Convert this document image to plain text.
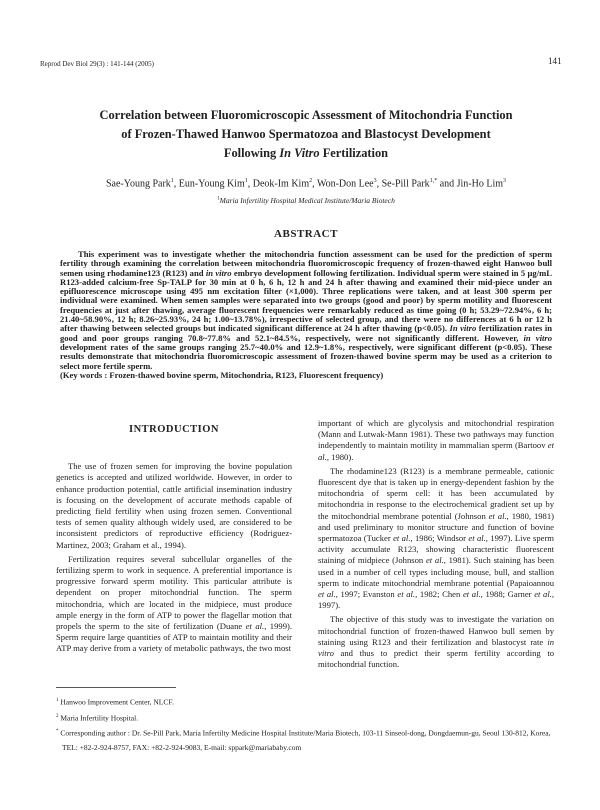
Reprod Dev Biol 29(3) : 141-144 (2005)	141

Correlation between Fluoromicroscopic Assessment of Mitochondria Function

of Frozen-Thawed Hanwoo Spermatozoa and Blastocyst Development

Following In Vitro Fertilization

Sae-Young Park$^1$, Eun-Young Kim$^1$, Deok-Im Kim$^2$, Won-Don Lee$^3$, Se-Pill Park$^{1,*}$ and Jin-Ho Lim$^3$
$^1$Maria Infertility Hospital Medical Institute/Maria Biotech
ABSTRACT

This experiment was to investigate whether the mitochondria function assessment can be used for the prediction of sperm fertility through examining the correlation between mitochondria fluoromicroscopic frequency of frozen-thawed eight Hanwoo bull semen using rhodamine123 (R123) and in vitro embryo development following fertilization. Individual sperm were stained in 5 μg/mL R123-added calcium-free Sp-TALP for 30 min at 0 h, 6 h, 12 h and 24 h after thawing and examined their mid-piece under an epifluorescence microscope using 495 nm excitation filter (×1,000). Three replications were taken, and at least 300 sperm per individual were examined. When semen samples were separated into two groups (good and poor) by sperm motility and fluorescent frequencies at just after thawing, average fluorescent frequencies were remarkably reduced as time going (0 h; 53.29~72.94%, 6 h; 21.40~58.90%, 12 h; 8.26~25.93%, 24 h; 1.00~13.78%), irrespective of selected group, and there were no differences at 6 h or 12 h after thawing between selected groups but indicated significant difference at 24 h after thawing (p<0.05). In vitro fertilization rates in good and poor groups ranging 70.8~77.8% and 52.1~84.5%, respectively, were not significantly different. However, in vitro development rates of the same groups ranging 25.7~40.0% and 12.9~1.8%, respectively, were significant different (p<0.05). These results demonstrate that mitochondria fluoromicroscopic assessment of frozen-thawed bovine sperm may be used as a criterion to select more fertile sperm.

(Key words : Frozen-thawed bovine sperm, Mitochondria, R123, Fluorescent frequency)

INTRODUCTION

The use of frozen semen for improving the bovine population genetics is accepted and utilized worldwide. However, in order to enhance production potential, cattle artificial insemination industry is focusing on the development of accurate methods capable of predicting field fertility when using frozen semen. Conventional tests of semen quality although widely used, are considered to be inconsistent predictors of reproductive efficiency (Rodriguez-Martinez, 2003; Graham et al., 1994).

Fertilization requires several subcellular organelles of the fertilizing sperm to work in sequence. A preferential importance is progressive forward sperm motility. This particular attribute is dependent on proper mitochondrial function. The sperm mitochondria, which are located in the midpiece, must produce ample energy in the form of ATP to power the flagellar motion that propels the sperm to the site of fertilization (Duane et al., 1999). Sperm require large quantities of ATP to maintain motility and their ATP may derive from a variety of metabolic pathways, the two most

important of which are glycolysis and mitochondrial respiration (Mann and Lutwak-Mann 1981). These two pathways may function independently to maintain motility in mammalian sperm (Bartoov et al., 1980).

The rhodamine123 (R123) is a membrane permeable, cationic fluorescent dye that is taken up in energy-dependent fashion by the mitochondria of sperm cell: it has been accumulated by mitochondria in response to the electrochemical gradient set up by the mitochondrial membrane potential (Johnson et al., 1980, 1981) and used preliminary to monitor structure and function of bovine spermatozoa (Tucker et al., 1986; Windsor et al., 1997). Live sperm activity accumulate R123, showing characteristic fluorescent staining of midpiece (Johnson et al., 1981). Such staining has been used in a number of cell types including mouse, bull, and stallion sperm to indicate mitochondrial membrane potential (Papaioannou et al., 1997; Evanston et al., 1982; Chen et al., 1988; Garner et al., 1997).

The objective of this study was to investigate the variation on mitochondrial function of frozen-thawed Hanwoo bull semen by staining using R123 and their fertilization and blastocyst rate in vitro and thus to predict their sperm fertility according to mitochondrial function.

$^1$ Hanwoo Improvement Center, NLCF.

$^2$ Maria Infertility Hospital.

* Corresponding author : Dr. Se-Pill Park, Maria Infertilty Medicine Hospital Institute/Maria Biotech, 103-11 Sinseol-dong, Dongdaemun-gu, Seoul 130-812, Korea, TEL: +82-2-924-8757, FAX: +82-2-924-9083, E-mail: sppark@mariababy.com
